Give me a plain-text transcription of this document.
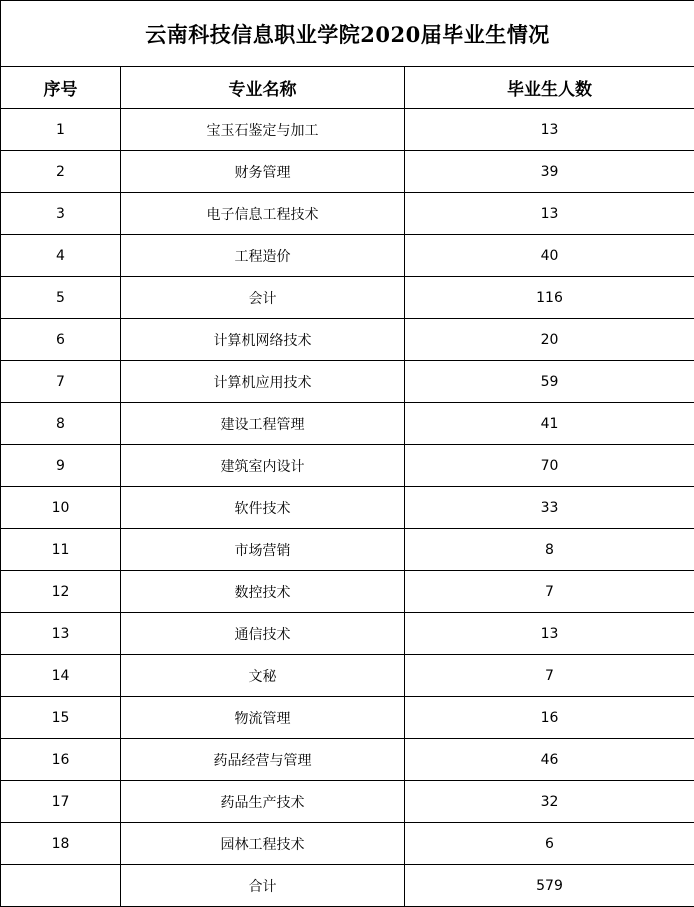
云南科技信息职业学院2020届毕业生情况		
序号	专业名称	毕业生人数
1	宝玉石鉴定与加工	13
2	财务管理	39
3	电子信息工程技术	13
4	工程造价	40
5	会计	116
6	计算机网络技术	20
7	计算机应用技术	59
8	建设工程管理	41
9	建筑室内设计	70
10	软件技术	33
11	市场营销	8
12	数控技术	7
13	通信技术	13
14	文秘	7
15	物流管理	16
16	药品经营与管理	46
17	药品生产技术	32
18	园林工程技术	6
	合计	579
